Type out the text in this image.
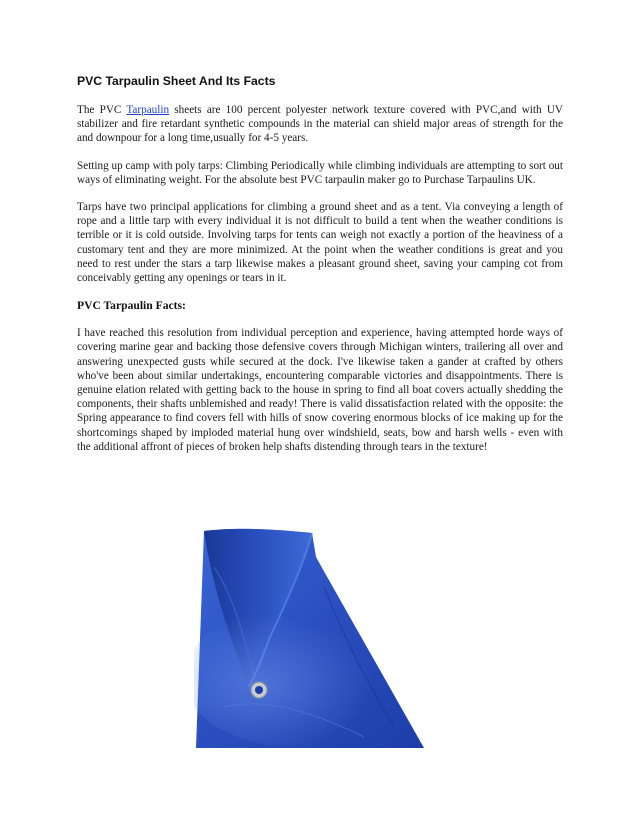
PVC Tarpaulin Sheet And Its Facts

The PVC Tarpaulin sheets are 100 percent polyester network texture covered with PVC,and with UV stabilizer and fire retardant synthetic compounds in the material can shield major areas of strength for the and downpour for a long time,usually for 4-5 years.

Setting up camp with poly tarps: Climbing Periodically while climbing individuals are attempting to sort out ways of eliminating weight. For the absolute best PVC tarpaulin maker go to Purchase Tarpaulins UK.

Tarps have two principal applications for climbing a ground sheet and as a tent. Via conveying a length of rope and a little tarp with every individual it is not difficult to build a tent when the weather conditions is terrible or it is cold outside. Involving tarps for tents can weigh not exactly a portion of the heaviness of a customary tent and they are more minimized. At the point when the weather conditions is great and you need to rest under the stars a tarp likewise makes a pleasant ground sheet, saving your camping cot from conceivably getting any openings or tears in it.

PVC Tarpaulin Facts:

I have reached this resolution from individual perception and experience, having attempted horde ways of covering marine gear and backing those defensive covers through Michigan winters, trailering all over and answering unexpected gusts while secured at the dock. I've likewise taken a gander at crafted by others who've been about similar undertakings, encountering comparable victories and disappointments. There is genuine elation related with getting back to the house in spring to find all boat covers actually shedding the components, their shafts unblemished and ready! There is valid dissatisfaction related with the opposite: the Spring appearance to find covers fell with hills of snow covering enormous blocks of ice making up for the shortcomings shaped by imploded material hung over windshield, seats, bow and harsh wells - even with the additional affront of pieces of broken help shafts distending through tears in the texture!
